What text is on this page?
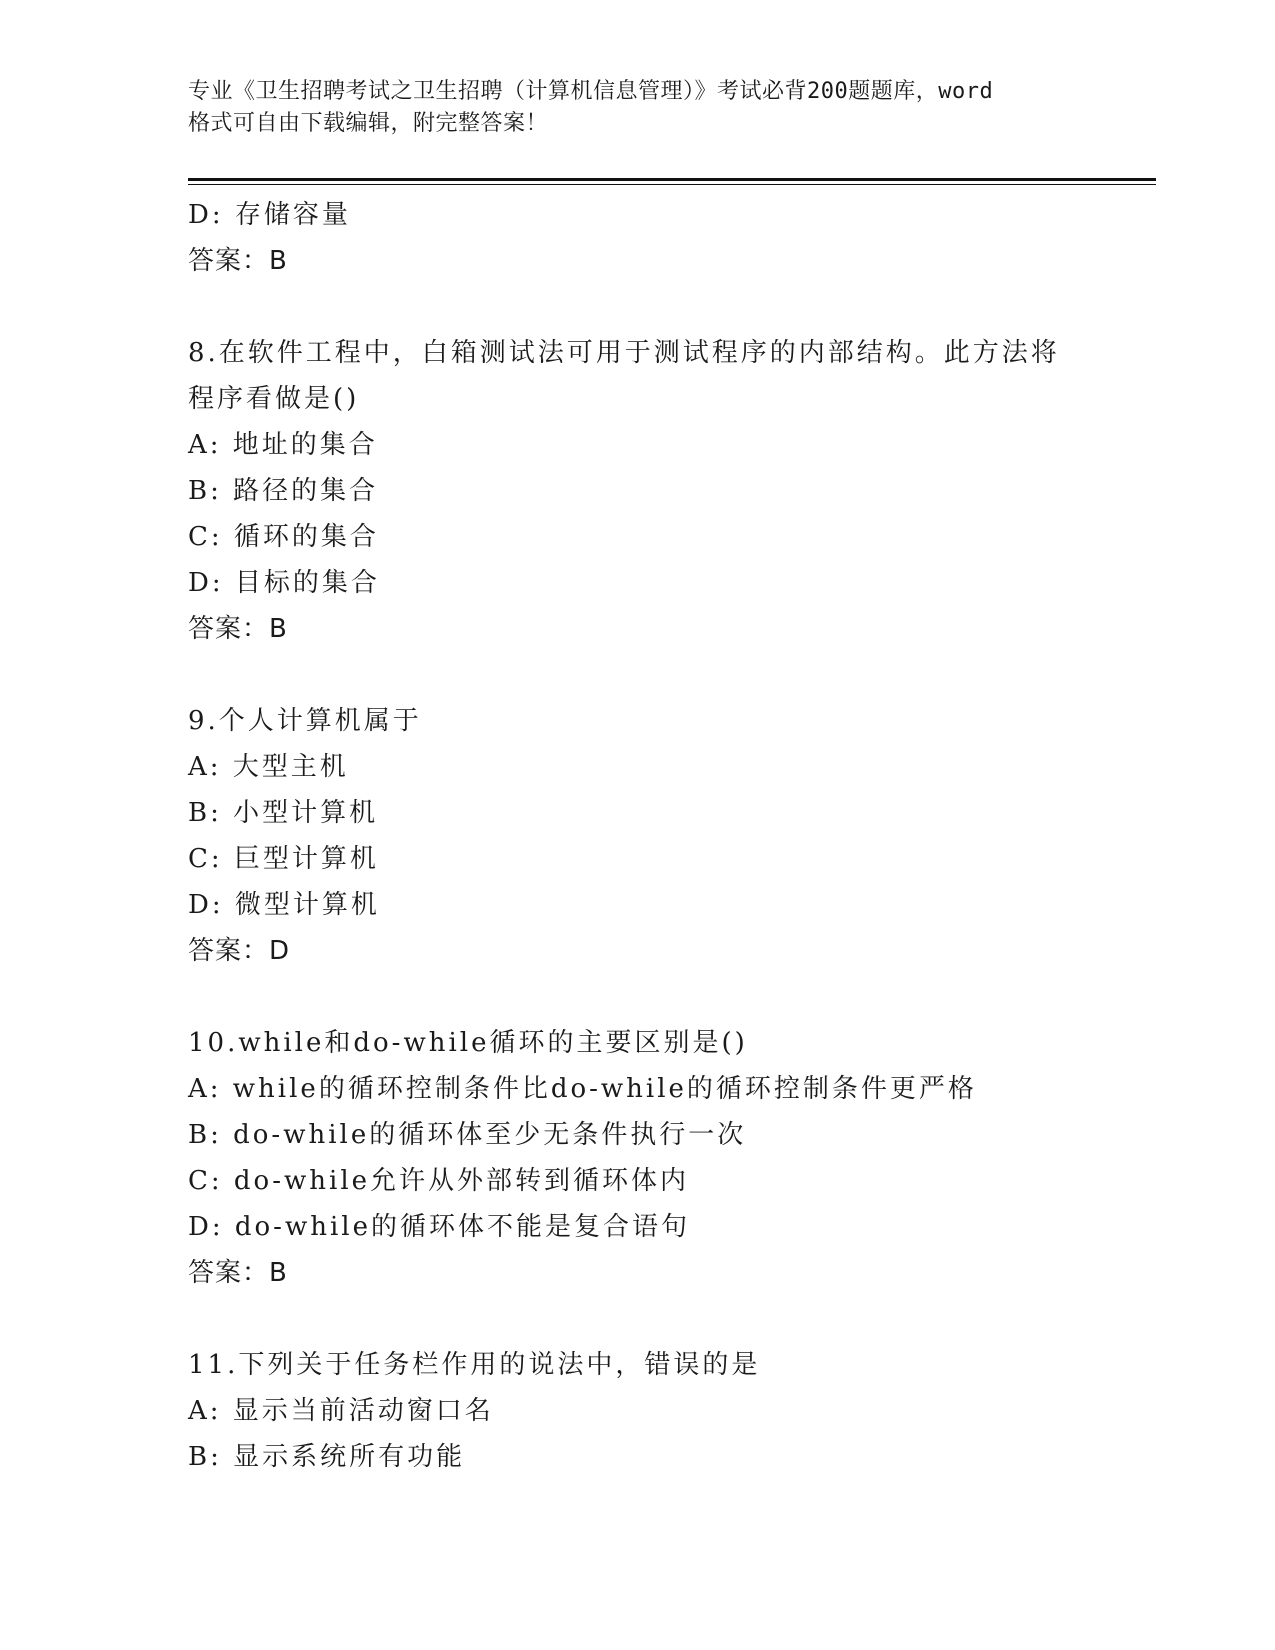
专业《卫生招聘考试之卫生招聘（计算机信息管理）》考试必背200题题库，word
格式可自由下载编辑，附完整答案！
D: 存储容量
答案：B
8.在软件工程中，白箱测试法可用于测试程序的内部结构。此方法将
程序看做是()
A: 地址的集合
B: 路径的集合
C: 循环的集合
D: 目标的集合
答案：B
9.个人计算机属于
A: 大型主机
B: 小型计算机
C: 巨型计算机
D: 微型计算机
答案：D
10.while和do-while循环的主要区别是()
A: while的循环控制条件比do-while的循环控制条件更严格
B: do-while的循环体至少无条件执行一次
C: do-while允许从外部转到循环体内
D: do-while的循环体不能是复合语句
答案：B
11.下列关于任务栏作用的说法中，错误的是
A: 显示当前活动窗口名
B: 显示系统所有功能
